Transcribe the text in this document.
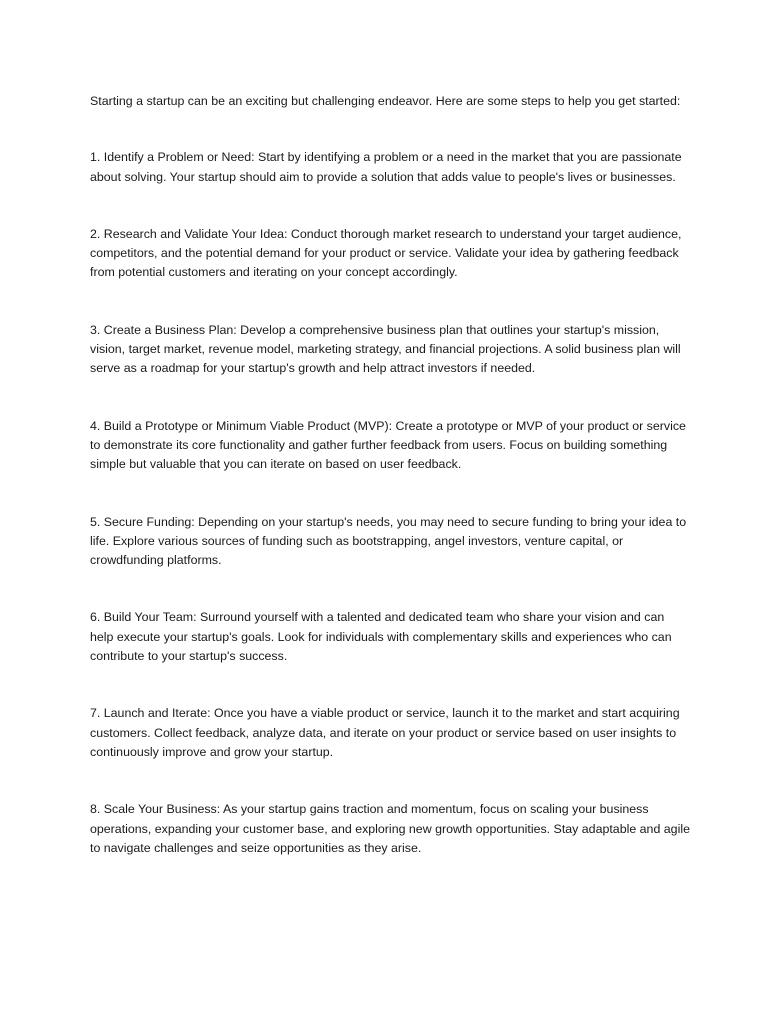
Starting a startup can be an exciting but challenging endeavor. Here are some steps to help you get started:

1. Identify a Problem or Need: Start by identifying a problem or a need in the market that you are passionate about solving. Your startup should aim to provide a solution that adds value to people's lives or businesses.

2. Research and Validate Your Idea: Conduct thorough market research to understand your target audience, competitors, and the potential demand for your product or service. Validate your idea by gathering feedback from potential customers and iterating on your concept accordingly.

3. Create a Business Plan: Develop a comprehensive business plan that outlines your startup's mission, vision, target market, revenue model, marketing strategy, and financial projections. A solid business plan will serve as a roadmap for your startup's growth and help attract investors if needed.

4. Build a Prototype or Minimum Viable Product (MVP): Create a prototype or MVP of your product or service to demonstrate its core functionality and gather further feedback from users. Focus on building something simple but valuable that you can iterate on based on user feedback.

5. Secure Funding: Depending on your startup's needs, you may need to secure funding to bring your idea to life. Explore various sources of funding such as bootstrapping, angel investors, venture capital, or crowdfunding platforms.

6. Build Your Team: Surround yourself with a talented and dedicated team who share your vision and can help execute your startup's goals. Look for individuals with complementary skills and experiences who can contribute to your startup's success.

7. Launch and Iterate: Once you have a viable product or service, launch it to the market and start acquiring customers. Collect feedback, analyze data, and iterate on your product or service based on user insights to continuously improve and grow your startup.

8. Scale Your Business: As your startup gains traction and momentum, focus on scaling your business operations, expanding your customer base, and exploring new growth opportunities. Stay adaptable and agile to navigate challenges and seize opportunities as they arise.
